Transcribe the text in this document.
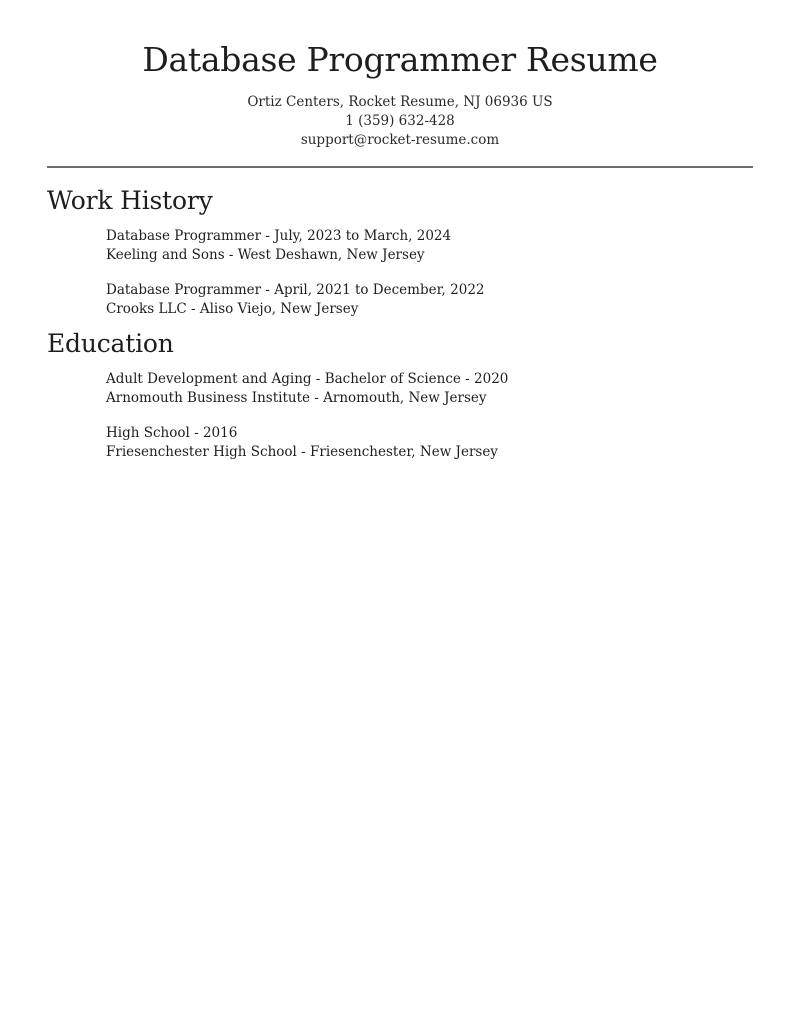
Database Programmer Resume
Ortiz Centers, Rocket Resume, NJ 06936 US
1 (359) 632-428
support@rocket-resume.com
Work History
Database Programmer - July, 2023 to March, 2024
Keeling and Sons - West Deshawn, New Jersey
Database Programmer - April, 2021 to December, 2022
Crooks LLC - Aliso Viejo, New Jersey
Education
Adult Development and Aging - Bachelor of Science - 2020
Arnomouth Business Institute - Arnomouth, New Jersey
High School - 2016
Friesenchester High School - Friesenchester, New Jersey
